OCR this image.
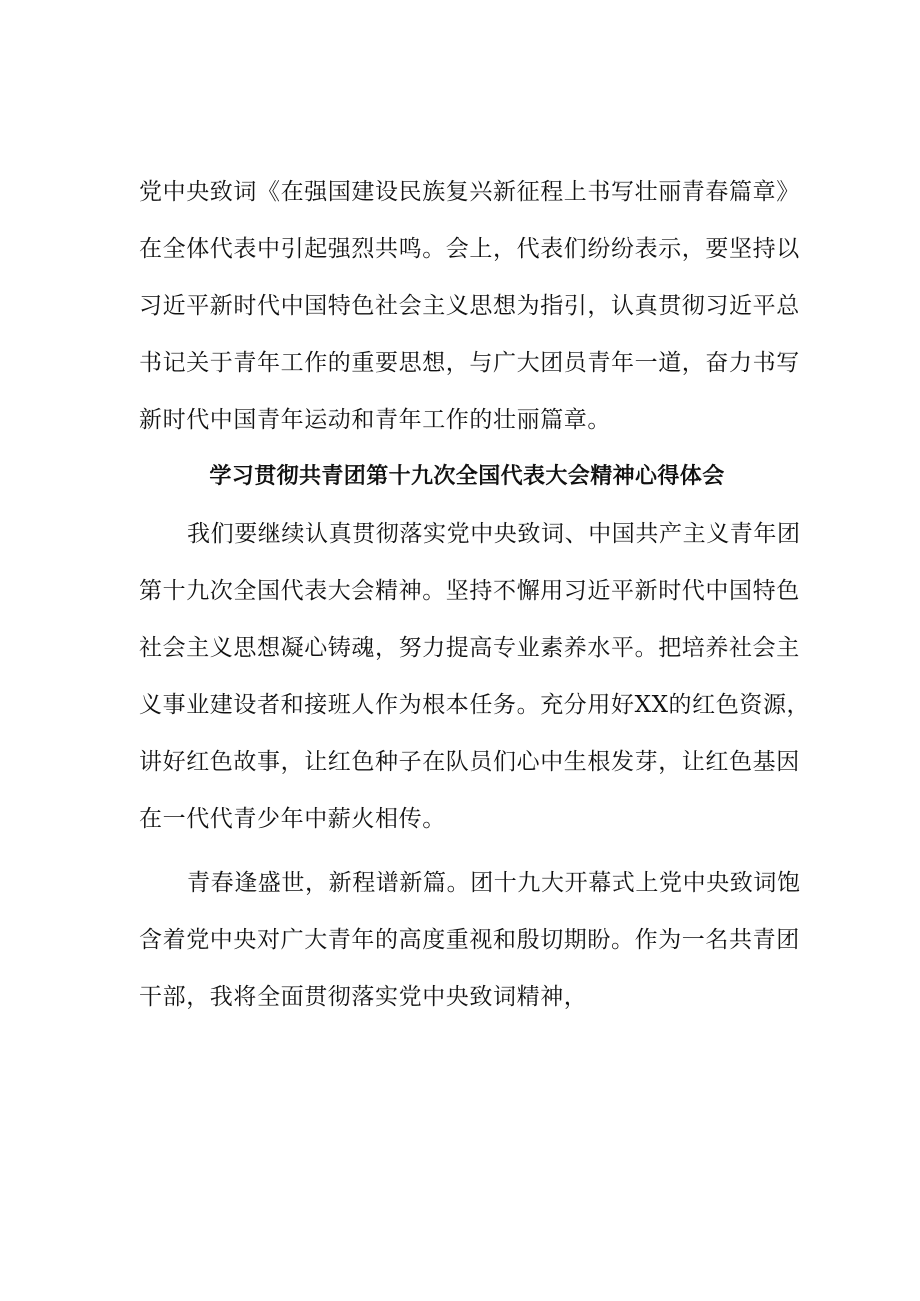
党中央致词《在强国建设民族复兴新征程上书写壮丽青春篇章》
在全体代表中引起强烈共鸣。会上，代表们纷纷表示，要坚持以
习近平新时代中国特色社会主义思想为指引，认真贯彻习近平总
书记关于青年工作的重要思想，与广大团员青年一道，奋力书写
新时代中国青年运动和青年工作的壮丽篇章。
学习贯彻共青团第十九次全国代表大会精神心得体会
我们要继续认真贯彻落实党中央致词、中国共产主义青年团
第十九次全国代表大会精神。坚持不懈用习近平新时代中国特色
社会主义思想凝心铸魂，努力提高专业素养水平。把培养社会主
义事业建设者和接班人作为根本任务。充分用好XX的红色资源，
讲好红色故事，让红色种子在队员们心中生根发芽，让红色基因
在一代代青少年中薪火相传。
青春逢盛世，新程谱新篇。团十九大开幕式上党中央致词饱
含着党中央对广大青年的高度重视和殷切期盼。作为一名共青团
干部，我将全面贯彻落实党中央致词精神，
